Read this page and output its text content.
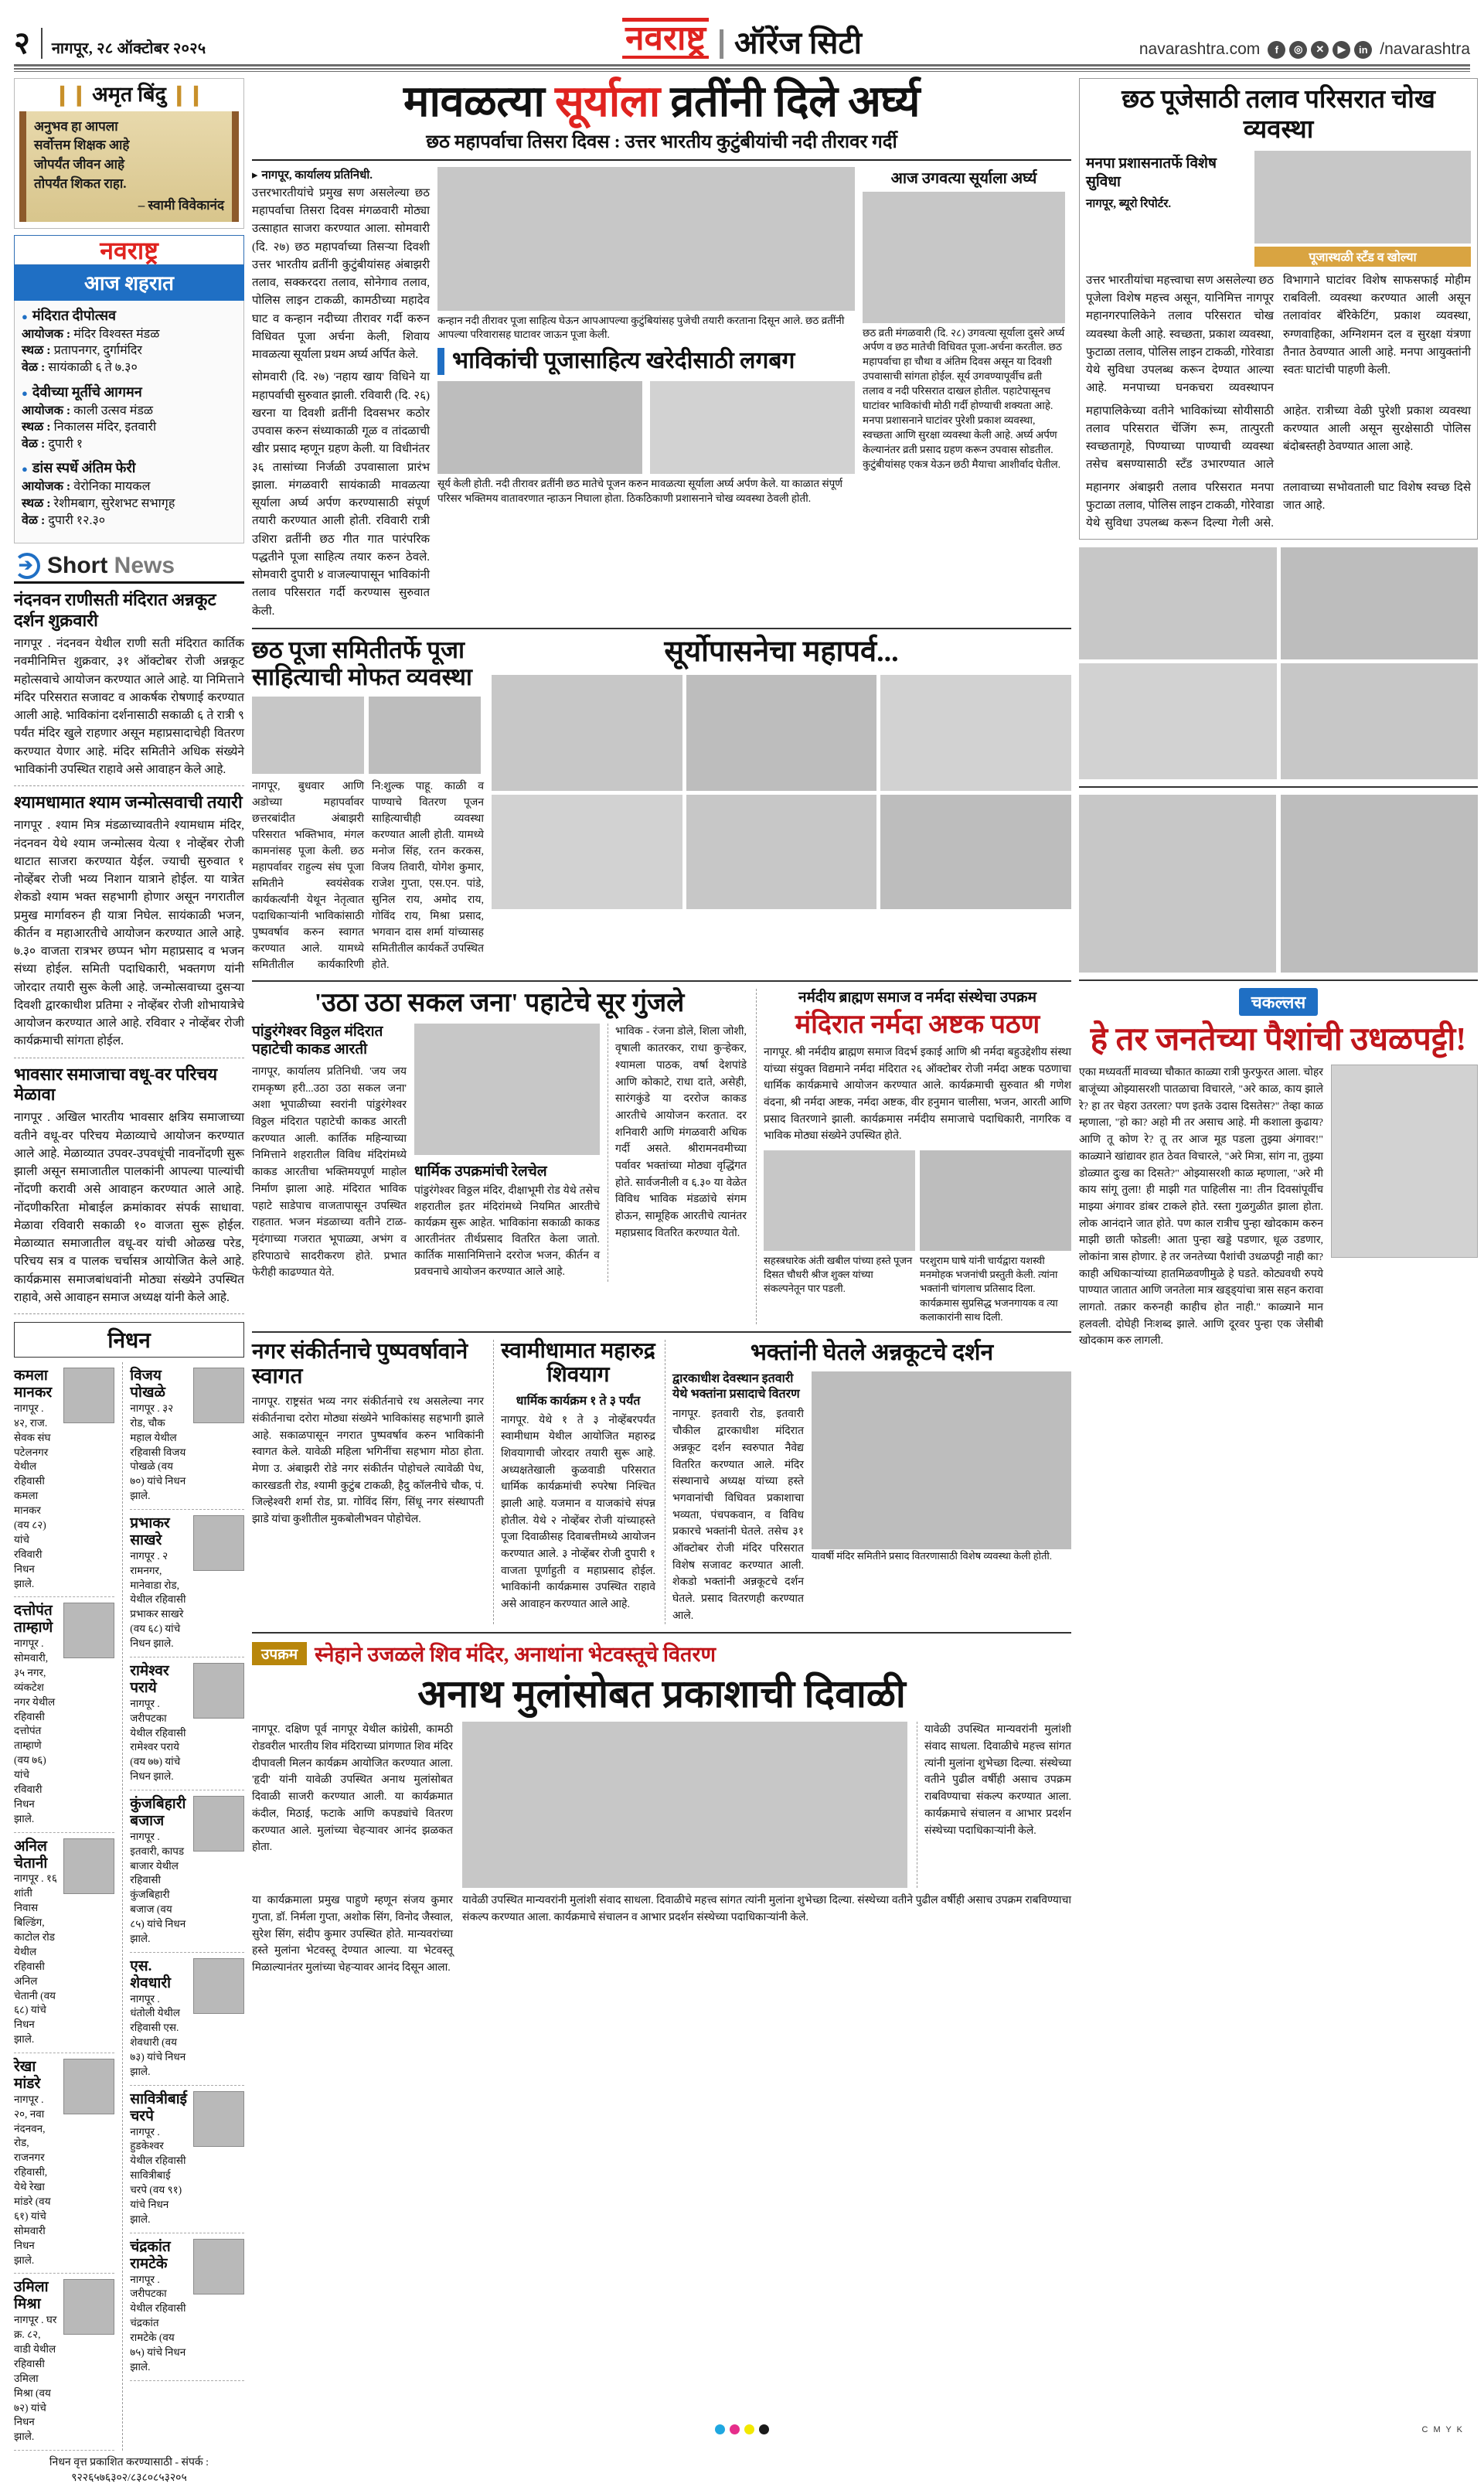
२	नागपूर, २८ ऑक्टोबर २०२५	नवराष्ट्र ऑरेंज सिटी	navarashtra.com	f	◎	✕	▶	in /navarashtra
❙❙ अमृत बिंदु ❙❙
अनुभव हा आपला
सर्वोत्तम शिक्षक आहे
जोपर्यंत जीवन आहे
तोपर्यंत शिकत राहा.
– स्वामी विवेकानंद
नवराष्ट्र
आज शहरात
● मंदिरात दीपोत्सव
आयोजक : मंदिर विश्वस्त मंडळ
स्थळ : प्रतापनगर, दुर्गामंदिर
वेळ : सायंकाळी ६ ते ७.३०
● देवीच्या मूर्तीचे आगमन
आयोजक : काली उत्सव मंडळ
स्थळ : निकालस मंदिर, इतवारी
वेळ : दुपारी १
● डांस स्पर्धे अंतिम फेरी
आयोजक : वेरोनिका मायकल
स्थळ : रेशीमबाग, सुरेशभट सभागृह
वेळ : दुपारी १२.३०
➔
Short News
नंदनवन राणीसती मंदिरात अन्नकूट दर्शन शुक्रवारी
नागपूर . नंदनवन येथील राणी सती मंदिरात कार्तिक नवमीनिमित्त शुक्रवार, ३१ ऑक्टोबर रोजी अन्नकूट महोत्सवाचे आयोजन करण्यात आले आहे. या निमित्ताने मंदिर परिसरात सजावट व आकर्षक रोषणाई करण्यात आली आहे. भाविकांना दर्शनासाठी सकाळी ६ ते रात्री ९ पर्यंत मंदिर खुले राहणार असून महाप्रसादाचेही वितरण करण्यात येणार आहे. मंदिर समितीने अधिक संख्येने भाविकांनी उपस्थित राहावे असे आवाहन केले आहे.
श्यामधामात श्याम जन्मोत्सवाची तयारी
नागपूर . श्याम मित्र मंडळाच्यावतीने श्यामधाम मंदिर, नंदनवन येथे श्याम जन्मोत्सव येत्या १ नोव्हेंबर रोजी थाटात साजरा करण्यात येईल. ज्याची सुरुवात १ नोव्हेंबर रोजी भव्य निशान यात्राने होईल. या यात्रेत शेकडो श्याम भक्त सहभागी होणार असून नगरातील प्रमुख मार्गावरुन ही यात्रा निघेल. सायंकाळी भजन, कीर्तन व महाआरतीचे आयोजन करण्यात आले आहे. ७.३० वाजता रात्रभर छप्पन भोग महाप्रसाद व भजन संध्या होईल. समिती पदाधिकारी, भक्तगण यांनी जोरदार तयारी सुरू केली आहे. जन्मोत्सवाच्या दुसऱ्या दिवशी द्वारकाधीश प्रतिमा २ नोव्हेंबर रोजी शोभायात्रेचे आयोजन करण्यात आले आहे. रविवार २ नोव्हेंबर रोजी कार्यक्रमाची सांगता होईल.
भावसार समाजाचा वधू-वर परिचय मेळावा
नागपूर . अखिल भारतीय भावसार क्षत्रिय समाजाच्या वतीने वधू-वर परिचय मेळाव्याचे आयोजन करण्यात आले आहे. मेळाव्यात उपवर-उपवधूंची नावनोंदणी सुरू झाली असून समाजातील पालकांनी आपल्या पाल्यांची नोंदणी करावी असे आवाहन करण्यात आले आहे. नोंदणीकरिता मोबाईल क्रमांकावर संपर्क साधावा. मेळावा रविवारी सकाळी १० वाजता सुरू होईल. मेळाव्यात समाजातील वधू-वर यांची ओळख परेड, परिचय सत्र व पालक चर्चासत्र आयोजित केले आहे. कार्यक्रमास समाजबांधवांनी मोठ्या संख्येने उपस्थित राहावे, असे आवाहन समाज अध्यक्ष यांनी केले आहे.
निधन
कमला मानकर
नागपूर . ४२, राज. सेवक संघ पटेलनगर येथील रहिवासी कमला मानकर (वय ८२) यांचे रविवारी निधन झाले.
दत्तोपंत ताम्हाणे
नागपूर . सोमवारी, ३५ नगर, व्यंकटेश नगर येथील रहिवासी दत्तोपंत ताम्हाणे (वय ७६) यांचे रविवारी निधन झाले.
अनिल चेतानी
नागपूर . १६ शांती निवास बिल्डिंग, काटोल रोड येथील रहिवासी अनिल चेतानी (वय ६८) यांचे निधन झाले.
रेखा मांडरे
नागपूर . २०, नवा नंदनवन, रोड, राजनगर रहिवासी, येथे रेखा मांडरे (वय ६१) यांचे सोमवारी निधन झाले.
उमिला मिश्रा
नागपूर . घर क्र. ८२, वाडी येथील रहिवासी उमिला मिश्रा (वय ७२) यांचे निधन झाले.
विजय पोखळे
नागपूर . ३२ रोड, चौक महाल येथील रहिवासी विजय पोखळे (वय ७०) यांचे निधन झाले.
प्रभाकर साखरे
नागपूर . २ रामनगर, मानेवाडा रोड, येथील रहिवासी प्रभाकर साखरे (वय ६८) यांचे निधन झाले.
रामेश्वर पराये
नागपूर . जरीपटका येथील रहिवासी रामेश्वर पराये (वय ७७) यांचे निधन झाले.
कुंजबिहारी बजाज
नागपूर . इतवारी, कापड बाजार येथील रहिवासी कुंजबिहारी बजाज (वय ८५) यांचे निधन झाले.
एस. शेवधारी
नागपूर . धंतोली येथील रहिवासी एस. शेवधारी (वय ७३) यांचे निधन झाले.
सावित्रीबाई चरपे
नागपूर . हुडकेश्वर येथील रहिवासी सावित्रीबाई चरपे (वय ९१) यांचे निधन झाले.
चंद्रकांत रामटेके
नागपूर . जरीपटका येथील रहिवासी चंद्रकांत रामटेके (वय ७५) यांचे निधन झाले.
निधन वृत्त प्रकाशित करण्यासाठी - संपर्क : ९२२६५७६३०२/८३८०८५३२०५
मावळत्या सूर्याला व्रतींनी दिले अर्घ्य
छठ महापर्वाचा तिसरा दिवस : उत्तर भारतीय कुटुंबीयांची नदी तीरावर गर्दी
▸ नागपूर, कार्यालय प्रतिनिधी.
उत्तरभारतीयांचे प्रमुख सण असलेल्या छठ महापर्वाचा तिसरा दिवस मंगळवारी मोठ्या उत्साहात साजरा करण्यात आला. सोमवारी (दि. २७) छठ महापर्वाच्या तिसऱ्या दिवशी उत्तर भारतीय व्रतींनी कुटुंबीयांसह अंबाझरी तलाव, सक्करदरा तलाव, सोनेगाव तलाव, पोलिस लाइन टाकळी, कामठीच्या महादेव घाट व कन्हान नदीच्या तीरावर गर्दी करुन विधिवत पूजा अर्चना केली, शिवाय मावळत्या सूर्याला प्रथम अर्घ्य अर्पित केले.
सोमवारी (दि. २७) 'नहाय खाय' विधिने या महापर्वाची सुरुवात झाली. रविवारी (दि. २६) खरना या दिवशी व्रतींनी दिवसभर कठोर उपवास करुन संध्याकाळी गूळ व तांदळाची खीर प्रसाद म्हणून ग्रहण केली. या विधीनंतर ३६ तासांच्या निर्जळी उपवासाला प्रारंभ झाला. मंगळवारी सायंकाळी मावळत्या सूर्याला अर्घ्य अर्पण करण्यासाठी संपूर्ण तयारी करण्यात आली होती. रविवारी रात्री उशिरा व्रतींनी छठ गीत गात पारंपरिक पद्धतीने पूजा साहित्य तयार करुन ठेवले. सोमवारी दुपारी ४ वाजल्यापासून भाविकांनी तलाव परिसरात गर्दी करण्यास सुरुवात केली.
कन्हान नदी तीरावर पूजा साहित्य घेऊन आपआपल्या कुटुंबियांसह पुजेची तयारी करताना दिसून आले. छठ व्रतींनी आपल्या परिवारासह घाटावर जाऊन पूजा केली.
भाविकांची पूजासाहित्य खरेदीसाठी लगबग
सूर्य केली होती. नदी तीरावर व्रतींनी छठ मातेचे पूजन करुन मावळत्या सूर्याला अर्घ्य अर्पण केले. या काळात संपूर्ण परिसर भक्तिमय वातावरणात न्हाऊन निघाला होता. ठिकठिकाणी प्रशासनाने चोख व्यवस्था ठेवली होती.
आज उगवत्या सूर्याला अर्घ्य
छठ व्रती मंगळवारी (दि. २८) उगवत्या सूर्याला दुसरे अर्घ्य अर्पण व छठ मातेची विधिवत पूजा-अर्चना करतील. छठ महापर्वाचा हा चौथा व अंतिम दिवस असून या दिवशी उपवासाची सांगता होईल. सूर्य उगवण्यापूर्वीच व्रती तलाव व नदी परिसरात दाखल होतील. पहाटेपासूनच घाटांवर भाविकांची मोठी गर्दी होण्याची शक्यता आहे. मनपा प्रशासनाने घाटांवर पुरेशी प्रकाश व्यवस्था, स्वच्छता आणि सुरक्षा व्यवस्था केली आहे. अर्घ्य अर्पण केल्यानंतर व्रती प्रसाद ग्रहण करून उपवास सोडतील. कुटुंबीयांसह एकत्र येऊन छठी मैयाचा आशीर्वाद घेतील.
छठ पूजा समितीतर्फे पूजा साहित्याची मोफत व्यवस्था
नागपूर, बुधवार आणि अडोच्या महापर्वावर छत्तरबांदीत अंबाझरी परिसरात भक्तिभाव, मंगल कामनांसह पूजा केली. छठ महापर्वावर राहुल्य संघ पूजा समितीने स्वयंसेवक कार्यकर्त्यांनी येथून नेतृत्वात पदाधिकाऱ्यांनी भाविकांसाठी पुष्पवर्षाव करुन स्वागत करण्यात आले. यामध्ये समितीतील कार्यकारिणी नि:शुल्क पाहू. काळी व पाण्याचे वितरण पूजन साहित्याचीही व्यवस्था करण्यात आली होती. यामध्ये मनोज सिंह, रतन करकस, विजय तिवारी, योगेश कुमार, राजेश गुप्ता, एस.एन. पांडे, सुनिल राय, अमोद राय, गोविंद राय, मिश्रा प्रसाद, भगवान दास शर्मा यांच्यासह समितीतील कार्यकर्ते उपस्थित होते.
सूर्योपासनेचा महापर्व...
'उठा उठा सकल जना' पहाटेचे सूर गुंजले
पांडुरंगेश्वर विठ्ठल मंदिरात पहाटेची काकड आरती
नागपूर, कार्यालय प्रतिनिधी. 'जय जय रामकृष्ण हरी...उठा उठा सकल जना' अशा भूपाळीच्या स्वरांनी पांडुरंगेश्वर विठ्ठल मंदिरात पहाटेची काकड आरती करण्यात आली. कार्तिक महिन्याच्या निमित्ताने शहरातील विविध मंदिरांमध्ये काकड आरतीचा भक्तिमयपूर्ण माहोल निर्माण झाला आहे. मंदिरात भाविक पहाटे साडेपाच वाजतापासून उपस्थित राहतात. भजन मंडळाच्या वतीने टाळ-मृदंगाच्या गजरात भूपाळ्या, अभंग व हरिपाठाचे सादरीकरण होते. प्रभात फेरीही काढण्यात येते.
धार्मिक उपक्रमांची रेलचेल
पांडुरंगेश्वर विठ्ठल मंदिर, दीक्षाभूमी रोड येथे तसेच शहरातील इतर मंदिरांमध्ये नियमित आरतीचे कार्यक्रम सुरू आहेत. भाविकांना सकाळी काकड आरतीनंतर तीर्थप्रसाद वितरित केला जातो. कार्तिक मासानिमित्ताने दररोज भजन, कीर्तन व प्रवचनाचे आयोजन करण्यात आले आहे.
भाविक - रंजना डोले, शिला जोशी, वृषाली कातरकर, राधा कुऱ्हेकर, श्यामला पाठक, वर्षा देशपांडे आणि कोकाटे, राधा दाते, असेही, सारंगकुंडे या दररोज काकड आरतीचे आयोजन करतात. दर शनिवारी आणि मंगळवारी अधिक गर्दी असते. श्रीरामनवमीच्या पर्वावर भक्तांच्या मोठ्या वृद्धिंगत होते. सार्वजनीली व ६.३० या वेळेत विविध भाविक मंडळांचे संगम होऊन, सामूहिक आरतीचे त्यानंतर महाप्रसाद वितरित करण्यात येतो.
नर्मदीय ब्राह्मण समाज व नर्मदा संस्थेचा उपक्रम
मंदिरात नर्मदा अष्टक पठण
नागपूर. श्री नर्मदीय ब्राह्मण समाज विदर्भ इकाई आणि श्री नर्मदा बहुउद्देशीय संस्था यांच्या संयुक्त विद्यमाने नर्मदा मंदिरात २६ ऑक्टोबर रोजी नर्मदा अष्टक पठणाचा धार्मिक कार्यक्रमाचे आयोजन करण्यात आले. कार्यक्रमाची सुरुवात श्री गणेश वंदना, श्री नर्मदा अष्टक, नर्मदा अष्टक, वीर हनुमान चालीसा, भजन, आरती आणि प्रसाद वितरणाने झाली. कार्यक्रमास नर्मदीय समाजाचे पदाधिकारी, नागरिक व भाविक मोठ्या संख्येने उपस्थित होते.
सहस्त्रधारेक अंती खबील पांच्या हस्ते पूजन दिसत चौधरी श्रीज शुक्ल यांच्या संकल्पनेतून पार पडली.
परशुराम घाषे यांनी चार्यद्वारा यशस्वी मनमोहक भजनांची प्रस्तुती केली. त्यांना भक्तांनी चांगलाच प्रतिसाद दिला. कार्यक्रमास सुप्रसिद्ध भजनगायक व त्या कलाकारांनी साथ दिली.
नगर संकीर्तनाचे पुष्पवर्षावाने स्वागत
नागपूर. राष्ट्रसंत भव्य नगर संकीर्तनाचे रथ असलेल्या नगर संकीर्तनाचा दरोरा मोठ्या संख्येने भाविकांसह सहभागी झाले आहे. सकाळपासून नगरात पुष्पवर्षाव करुन भाविकांनी स्वागत केले. यावेळी महिला भगिनींचा सहभाग मोठा होता. मेणा उ. अंबाझरी रोडे नगर संकीर्तन पोहोचले त्यावेळी पेध, कारखडती रोड, श्यामी कुटुंब टाकळी, हैदु कॉलनीचे चौक, पं. जिल्हेश्वरी शर्मा रोड, प्रा. गोविंद सिंग, सिंधू नगर संस्थापती झाडे यांचा कुशीतील मुकबोलीभवन पोहोचेल.
स्वामीधामात महारुद्र शिवयाग
धार्मिक कार्यक्रम १ ते ३ पर्यंत
नागपूर. येथे १ ते ३ नोव्हेंबरपर्यंत स्वामीधाम येथील आयोजित महारुद्र शिवयागाची जोरदार तयारी सुरू आहे. अध्यक्षतेखाली कुळवाडी परिसरात धार्मिक कार्यक्रमांची रुपरेषा निश्चित झाली आहे. यजमान व याजकांचे संपन्न होतील. येथे २ नोव्हेंबर रोजी यांच्याहस्ते पूजा दिवाळीसह दिवाबत्तीमध्ये आयोजन करण्यात आले. ३ नोव्हेंबर रोजी दुपारी १ वाजता पूर्णाहुती व महाप्रसाद होईल. भाविकांनी कार्यक्रमास उपस्थित राहावे असे आवाहन करण्यात आले आहे.
भक्तांनी घेतले अन्नकूटचे दर्शन
द्वारकाधीश देवस्थान इतवारी येथे भक्तांना प्रसादाचे वितरण
नागपूर. इतवारी रोड, इतवारी चौकील द्वारकाधीश मंदिरात अन्नकूट दर्शन स्वरुपात नैवेद्य वितरित करण्यात आले. मंदिर संस्थानाचे अध्यक्ष यांच्या हस्ते भगवानांची विधिवत प्रकाशाचा भव्यता, पंचपकवान, व विविध प्रकारचे भक्तांनी घेतले. तसेच ३१ ऑक्टोबर रोजी मंदिर परिसरात विशेष सजावट करण्यात आली. शेकडो भक्तांनी अन्नकूटचे दर्शन घेतले. प्रसाद वितरणही करण्यात आले.
यावर्षी मंदिर समितीने प्रसाद वितरणासाठी विशेष व्यवस्था केली होती.
उपक्रम स्नेहाने उजळले शिव मंदिर, अनाथांना भेटवस्तूचे वितरण
अनाथ मुलांसोबत प्रकाशाची दिवाळी
नागपूर. दक्षिण पूर्व नागपूर येथील कांग्रेसी, कामठी रोडवरील भारतीय शिव मंदिराच्या प्रांगणात शिव मंदिर दीपावली मिलन कार्यक्रम आयोजित करण्यात आला. 'हृदी' यांनी यावेळी उपस्थित अनाथ मुलांसोबत दिवाळी साजरी करण्यात आली. या कार्यक्रमात कंदील, मिठाई, फटाके आणि कपड्यांचे वितरण करण्यात आले. मुलांच्या चेहऱ्यावर आनंद झळकत होता.
यावेळी उपस्थित मान्यवरांनी मुलांशी संवाद साधला. दिवाळीचे महत्त्व सांगत त्यांनी मुलांना शुभेच्छा दिल्या. संस्थेच्या वतीने पुढील वर्षीही असाच उपक्रम राबविण्याचा संकल्प करण्यात आला. कार्यक्रमाचे संचालन व आभार प्रदर्शन संस्थेच्या पदाधिकाऱ्यांनी केले.
या कार्यक्रमाला प्रमुख पाहुणे म्हणून संजय कुमार गुप्ता, डॉ. निर्मला गुप्ता, अशोक सिंग, विनोद जैस्वाल, सुरेश सिंग, संदीप कुमार उपस्थित होते. मान्यवरांच्या हस्ते मुलांना भेटवस्तू देण्यात आल्या. या भेटवस्तू मिळाल्यानंतर मुलांच्या चेहऱ्यावर आनंद दिसून आला.
यावेळी उपस्थित मान्यवरांनी मुलांशी संवाद साधला. दिवाळीचे महत्त्व सांगत त्यांनी मुलांना शुभेच्छा दिल्या. संस्थेच्या वतीने पुढील वर्षीही असाच उपक्रम राबविण्याचा संकल्प करण्यात आला. कार्यक्रमाचे संचालन व आभार प्रदर्शन संस्थेच्या पदाधिकाऱ्यांनी केले.
छठ पूजेसाठी तलाव परिसरात चोख व्यवस्था
मनपा प्रशासनातर्फे विशेष सुविधा
नागपूर, ब्यूरो रिपोर्टर.
पूजास्थळी स्टॅंड व खोल्या
उत्तर भारतीयांचा महत्त्वाचा सण असलेल्या छठ पूजेला विशेष महत्त्व असून, यानिमित्त नागपूर महानगरपालिकेने तलाव परिसरात चोख व्यवस्था केली आहे. स्वच्छता, प्रकाश व्यवस्था, फुटाळा तलाव, पोलिस लाइन टाकळी, गोरेवाडा येथे सुविधा उपलब्ध करून देण्यात आल्या आहे. मनपाच्या घनकचरा व्यवस्थापन विभागाने घाटांवर विशेष साफसफाई मोहीम राबविली. व्यवस्था करण्यात आली असून तलावांवर बॅरिकेटिंग, प्रकाश व्यवस्था, रुग्णवाहिका, अग्निशमन दल व सुरक्षा यंत्रणा तैनात ठेवण्यात आली आहे. मनपा आयुक्तांनी स्वतः घाटांची पाहणी केली.
महापालिकेच्या वतीने भाविकांच्या सोयीसाठी तलाव परिसरात चेंजिंग रूम, तात्पुरती स्वच्छतागृहे, पिण्याच्या पाण्याची व्यवस्था तसेच बसण्यासाठी स्टॅंड उभारण्यात आले आहेत. रात्रीच्या वेळी पुरेशी प्रकाश व्यवस्था करण्यात आली असून सुरक्षेसाठी पोलिस बंदोबस्तही ठेवण्यात आला आहे.
महानगर अंबाझरी तलाव परिसरात मनपा फुटाळा तलाव, पोलिस लाइन टाकळी, गोरेवाडा येथे सुविधा उपलब्ध करून दिल्या गेली असे. तलावाच्या सभोवताली घाट विशेष स्वच्छ दिसे जात आहे.
चकल्लस
हे तर जनतेच्या पैशांची उधळपट्टी!
एका मध्यवर्ती मावच्या चौकात काळ्या रात्री फुरफुरत आला. चोहर बाजूंच्या ओझ्यासरशी पातळाचा विचारले, "अरे काळ, काय झाले रे? हा तर चेहरा उतरला? पण इतके उदास दिसतेस?" तेव्हा काळ म्हणाला, "हो का? अहो मी तर असाच आहे. मी कशाला कुढाय? आणि तू कोण रे? तू तर आज मूड पडला तुझ्या अंगावर!" काळ्याने खांद्यावर हात ठेवत विचारले, "अरे मित्रा, सांग ना, तुझ्या डोळ्यात दुःख का दिसते?" ओझ्यासरशी काळ म्हणाला, "अरे मी काय सांगू तुला! ही माझी गत पाहिलीस ना! तीन दिवसांपूर्वीच माझ्या अंगावर डांबर टाकले होते. रस्ता गुळगुळीत झाला होता. लोक आनंदाने जात होते. पण काल रात्रीच पुन्हा खोदकाम करुन माझी छाती फोडली! आता पुन्हा खड्डे पडणार, धूळ उडणार, लोकांना त्रास होणार. हे तर जनतेच्या पैशांची उधळपट्टी नाही का? काही अधिकाऱ्यांच्या हातमिळवणीमुळे हे घडते. कोट्यवधी रुपये पाण्यात जातात आणि जनतेला मात्र खड्ड्यांचा त्रास सहन करावा लागतो. तक्रार करुनही काहीच होत नाही." काळ्याने मान हलवली. दोघेही निःशब्द झाले. आणि दूरवर पुन्हा एक जेसीबी खोदकाम करु लागली.
C M Y K
